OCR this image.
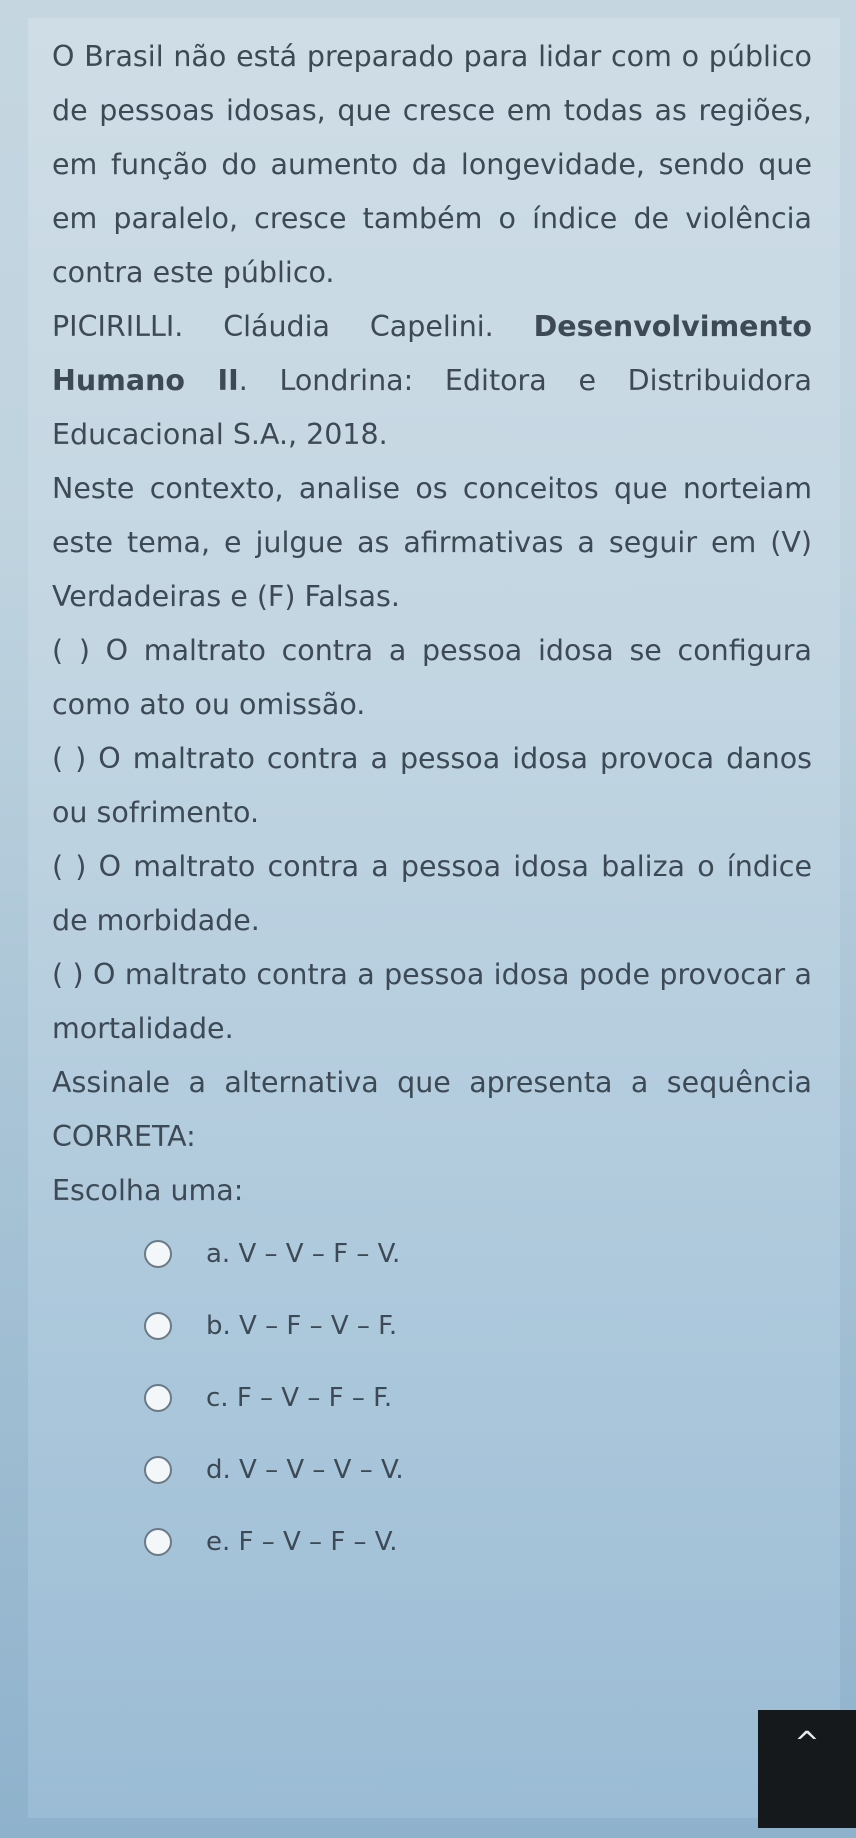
O Brasil não está preparado para lidar com o público de pessoas idosas, que cresce em todas as regiões, em função do aumento da longevidade, sendo que em paralelo, cresce também o índice de violência contra este público.

PICIRILLI. Cláudia Capelini. Desenvolvimento Humano II. Londrina: Editora e Distribuidora Educacional S.A., 2018.

Neste contexto, analise os conceitos que norteiam este tema, e julgue as afirmativas a seguir em (V) Verdadeiras e (F) Falsas.

( ) O maltrato contra a pessoa idosa se configura como ato ou omissão.

( ) O maltrato contra a pessoa idosa provoca danos ou sofrimento.

( ) O maltrato contra a pessoa idosa baliza o índice de morbidade.

( ) O maltrato contra a pessoa idosa pode provocar a mortalidade.

Assinale a alternativa que apresenta a sequência CORRETA:

Escolha uma:

a. V – V – F – V.
b. V – F – V – F.
c. F – V – F – F.
d. V – V – V – V.
e. F – V – F – V.
^
